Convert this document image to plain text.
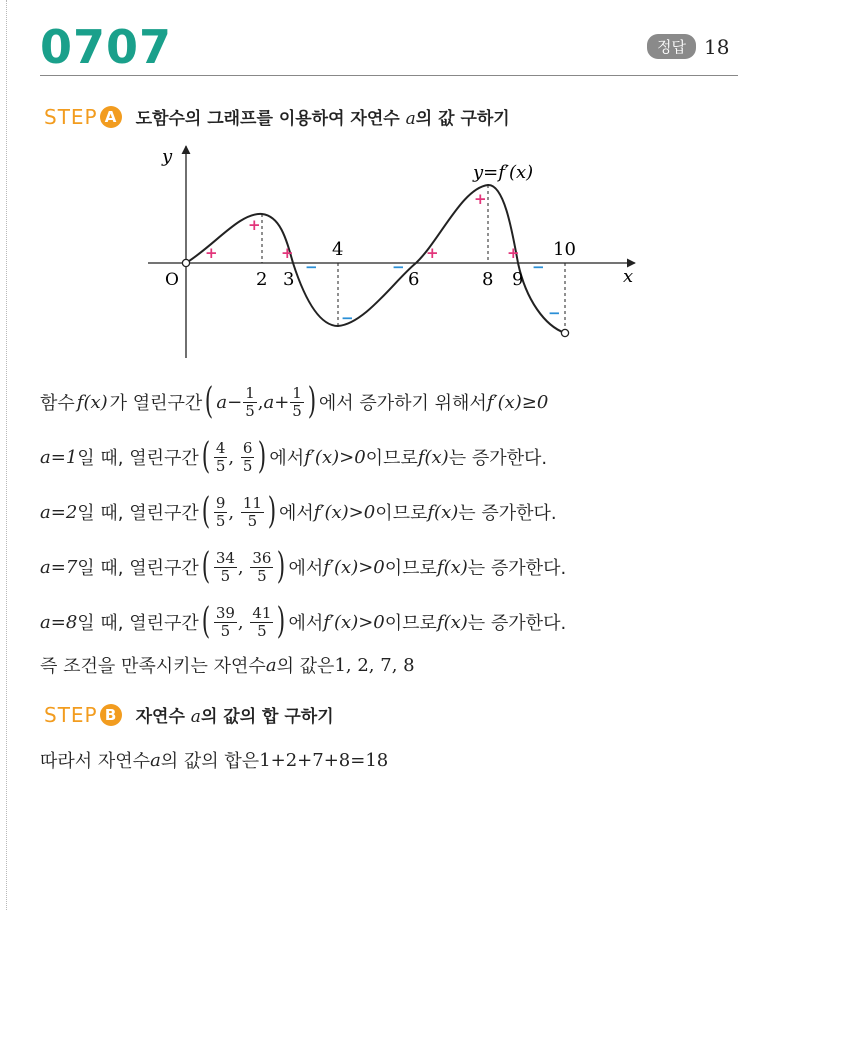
0707	정답 18
STEP A	도함수의 그래프를 이용하여 자연수 a의 값 구하기
y
x
O	2 3	6	8 9
4	10
y=f′(x)
+
+
+
−
−
−
+
+
+
−
−
함수 f(x) 가 열린구간 ( $a- \frac{1}{5}$ , $a+ \frac{1}{5}$ ) 에서 증가하기 위해서 f′(x)≥0
a=1 일 때, 열린구간 ( $\frac{4}{5}$ , $\frac{6}{5}$ ) 에서 f′(x)>0 이므로 f(x) 는 증가한다.
a=2 일 때, 열린구간 ( $\frac{9}{5}$ , $\frac{11}{5}$ ) 에서 f′(x)>0 이므로 f(x) 는 증가한다.
a=7 일 때, 열린구간 ( $\frac{34}{5}$ , $\frac{36}{5}$ ) 에서 f′(x)>0 이므로 f(x) 는 증가한다.
a=8 일 때, 열린구간 ( $\frac{39}{5}$ , $\frac{41}{5}$ ) 에서 f′(x)>0 이므로 f(x) 는 증가한다.
즉 조건을 만족시키는 자연수 a 의 값은 1, 2, 7, 8
STEP B	자연수 a의 값의 합 구하기
따라서 자연수 a 의 값의 합은 1+2+7+8=18
